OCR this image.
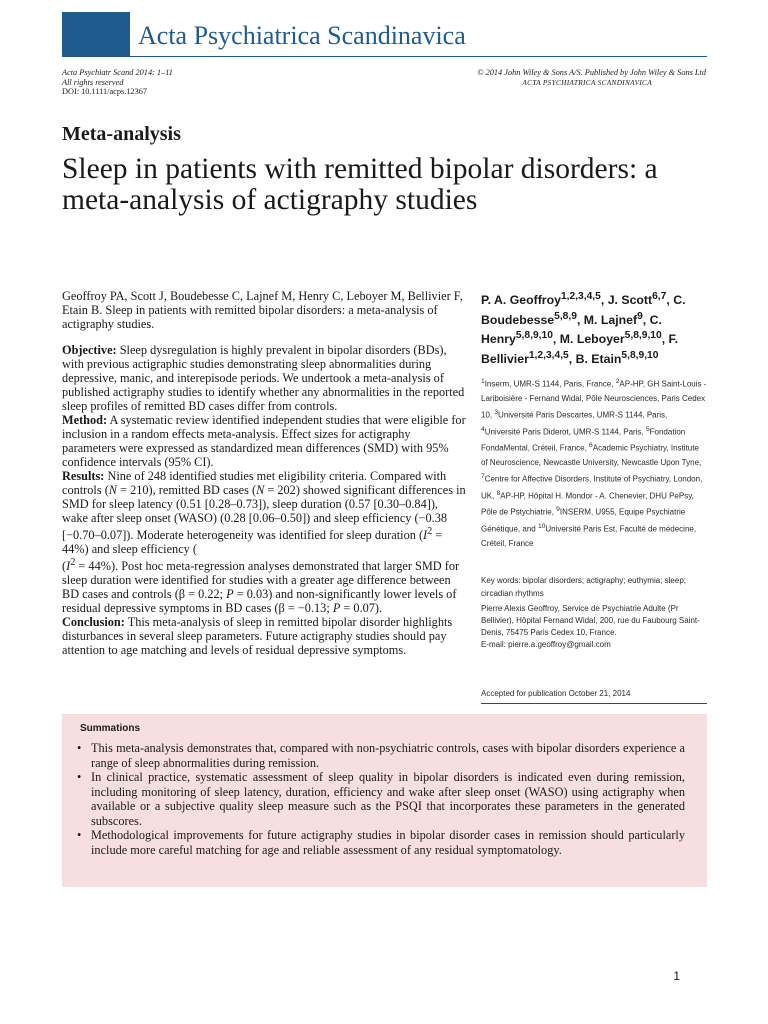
Acta Psychiatrica Scandinavica
Acta Psychiatr Scand 2014: 1–11
All rights reserved
DOI: 10.1111/acps.12367
© 2014 John Wiley & Sons A/S. Published by John Wiley & Sons Ltd
ACTA PSYCHIATRICA SCANDINAVICA
Meta-analysis
Sleep in patients with remitted bipolar disorders: a meta-analysis of actigraphy studies

Geoffroy PA, Scott J, Boudebesse C, Lajnef M, Henry C, Leboyer M, Bellivier F, Etain B. Sleep in patients with remitted bipolar disorders: a meta-analysis of actigraphy studies.

Objective: Sleep dysregulation is highly prevalent in bipolar disorders (BDs), with previous actigraphic studies demonstrating sleep abnormalities during depressive, manic, and interepisode periods. We undertook a meta-analysis of published actigraphy studies to identify whether any abnormalities in the reported sleep profiles of remitted BD cases differ from controls.

Method: A systematic review identified independent studies that were eligible for inclusion in a random effects meta-analysis. Effect sizes for actigraphy parameters were expressed as standardized mean differences (SMD) with 95% confidence intervals (95% CI).

Results: Nine of 248 identified studies met eligibility criteria. Compared with controls (N = 210), remitted BD cases (N = 202) showed significant differences in SMD for sleep latency (0.51 [0.28–0.73]), sleep duration (0.57 [0.30–0.84]), wake after sleep onset (WASO) (0.28 [0.06–0.50]) and sleep efficiency (−0.38 [−0.70–0.07]). Moderate heterogeneity was identified for sleep duration $(I^2 = 44\%)$ and sleep efficiency (
$(I^2 = 44\%)$. Post hoc meta-regression analyses demonstrated that larger SMD for sleep duration were identified for studies with a greater age difference between BD cases and controls (β = 0.22; P = 0.03) and non-significantly lower levels of residual depressive symptoms in BD cases (β = −0.13; P = 0.07).

Conclusion: This meta-analysis of sleep in remitted bipolar disorder highlights disturbances in several sleep parameters. Future actigraphy studies should pay attention to age matching and levels of residual depressive symptoms.

P. A. Geoffroy$^{1,2,3,4,5}$, J. Scott$^{6,7}$, C. Boudebesse$^{5,8,9}$, M. Lajnef$^9$, C. Henry$^{5,8,9,10}$, M. Leboyer$^{5,8,9,10}$, F. Bellivier$^{1,2,3,4,5}$, B. Etain$^{5,8,9,10}$
$^1$Inserm, UMR-S 1144, Paris, France, $^2$AP-HP, GH Saint-Louis - Lariboisière - Fernand Widal, Pôle Neurosciences, Paris Cedex 10, $^3$Université Paris Descartes, UMR-S 1144, Paris, $^4$Université Paris Diderot, UMR-S 1144, Paris, $^5$Fondation FondaMental, Créteil, France, $^6$Academic Psychiatry, Institute of Neuroscience, Newcastle University, Newcastle Upon Tyne, $^7$Centre for Affective Disorders, Institute of Psychiatry, London, UK, $^8$AP-HP, Hôpital H. Mondor - A. Chenevier, DHU PePsy, Pôle de Pstychiatrie, $^9$INSERM, U955, Equipe Psychiatrie Génétique, and $^{10}$Université Paris Est, Faculté de médecine, Créteil, France
Key words: bipolar disorders; actigraphy; euthymia; sleep; circadian rhythms
Pierre Alexis Geoffroy, Service de Psychiatrie Adulte (Pr Bellivier), Hôpital Fernand Widal, 200, rue du Faubourg Saint-Denis, 75475 Paris Cedex 10, France.
E-mail: pierre.a.geoffroy@gmail.com
Accepted for publication October 21, 2014
Summations
• This meta-analysis demonstrates that, compared with non-psychiatric controls, cases with bipolar disorders experience a range of sleep abnormalities during remission.
• In clinical practice, systematic assessment of sleep quality in bipolar disorders is indicated even during remission, including monitoring of sleep latency, duration, efficiency and wake after sleep onset (WASO) using actigraphy when available or a subjective quality sleep measure such as the PSQI that incorporates these parameters in the generated subscores.
• Methodological improvements for future actigraphy studies in bipolar disorder cases in remission should particularly include more careful matching for age and reliable assessment of any residual symptomatology.
1
